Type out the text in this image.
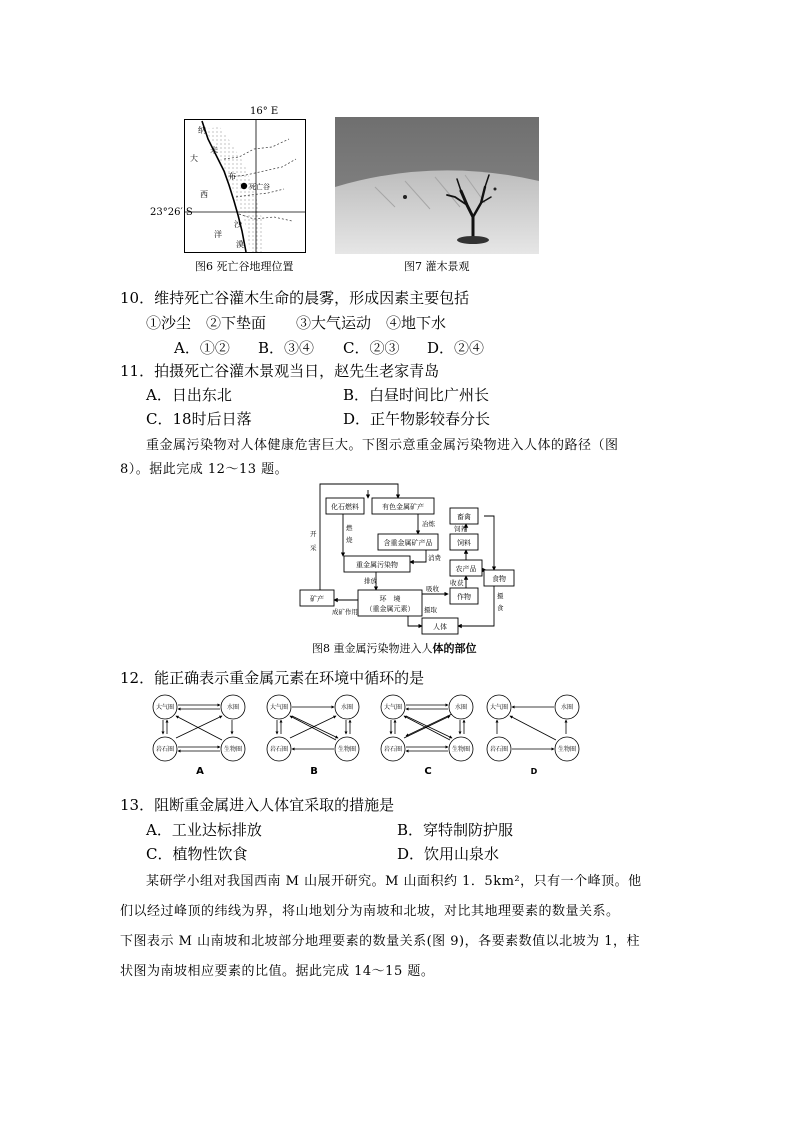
纳
米
大
布
西
沙
洋
漠
死亡谷
16° E
23°26′ S
图6 死亡谷地理位置	图7 灌木景观
10．维持死亡谷灌木生命的晨雾，形成因素主要包括
①沙尘　②下垫面　　③大气运动　④地下水
A．①② B．③④ C．②③ D．②④
11．拍摄死亡谷灌木景观当日，赵先生老家青岛
A．日出东北	B．白昼时间比广州长
C．18时后日落	D．正午物影较春分长
重金属污染物对人体健康危害巨大。下图示意重金属污染物进入人体的路径（图
8）。据此完成 12～13 题。
化石燃料	有色金属矿产
含重金属矿产品
重金属污染物
矿产	环　境
（重金属元素）
人体
作物
农产品
饲料
畜禽
食物
燃
烧
冶炼
消费
排放
吸收
收 获
摄取
饲养
摄
食
开
采
成矿作用
图8 重金属污染物进入人体的部位
12．能正确表示重金属元素在环境中循环的是
大气圈	水圈
岩石圈	生物圈
A
大气圈	水圈
岩石圈	生物圈
B
大气圈	水圈
岩石圈	生物圈
C
大气圈	水圈
岩石圈	生物圈
D
13．阻断重金属进入人体宜采取的措施是
A．工业达标排放	B．穿特制防护服
C．植物性饮食	D．饮用山泉水
某研学小组对我国西南 M 山展开研究。M 山面积约 1．5km²，只有一个峰顶。他
们以经过峰顶的纬线为界，将山地划分为南坡和北坡，对比其地理要素的数量关系。
下图表示 M 山南坡和北坡部分地理要素的数量关系(图 9)，各要素数值以北坡为 1，柱
状图为南坡相应要素的比值。据此完成 14～15 题。
